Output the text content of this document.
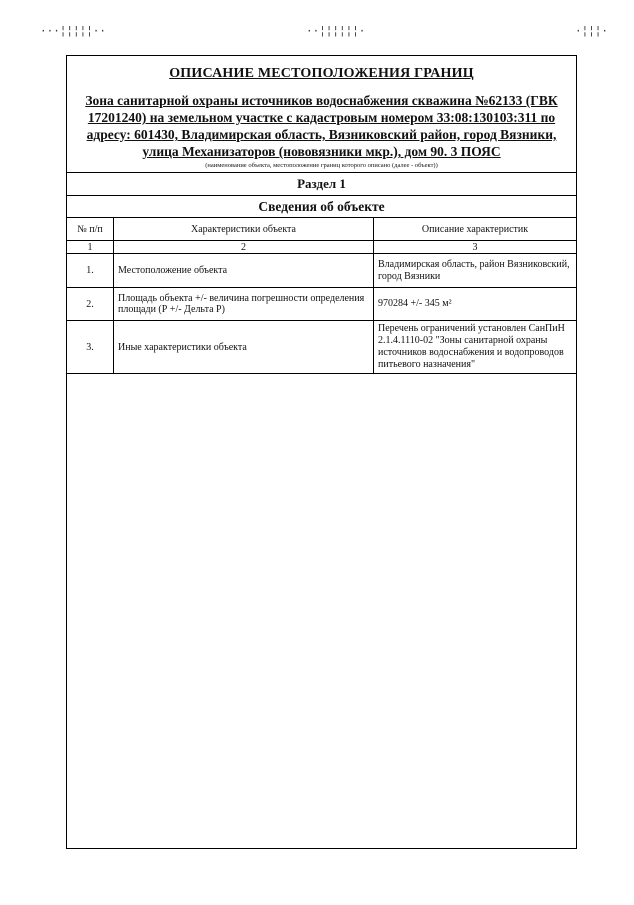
···¦¦¦¦¦··	··¦¦¦¦¦¦·	·¦¦¦·
ОПИСАНИЕ МЕСТОПОЛОЖЕНИЯ ГРАНИЦ
Зона санитарной охраны источников водоснабжения скважина №62133 (ГВК 17201240) на земельном участке с кадастровым номером 33:08:130103:311 по адресу: 601430, Владимирская область, Вязниковский район, город Вязники, улица Механизаторов (нововязники мкр.), дом 90. 3 ПОЯС
(наименование объекта, местоположение границ которого описано (далее - объект))
Раздел 1
Сведения об объекте
№ п/п	Характеристики объекта	Описание характеристик
1	2	3
1.	Местоположение объекта	Владимирская область, район Вязниковский, город Вязники
2.	Площадь объекта +/- величина погрешности определения площади (Р +/- Дельта Р)	970284 +/- 345 м²
3.	Иные характеристики объекта	Перечень ограничений установлен СанПиН 2.1.4.1110-02 "Зоны санитарной охраны источников водоснабжения и водопроводов питьевого назначения"
